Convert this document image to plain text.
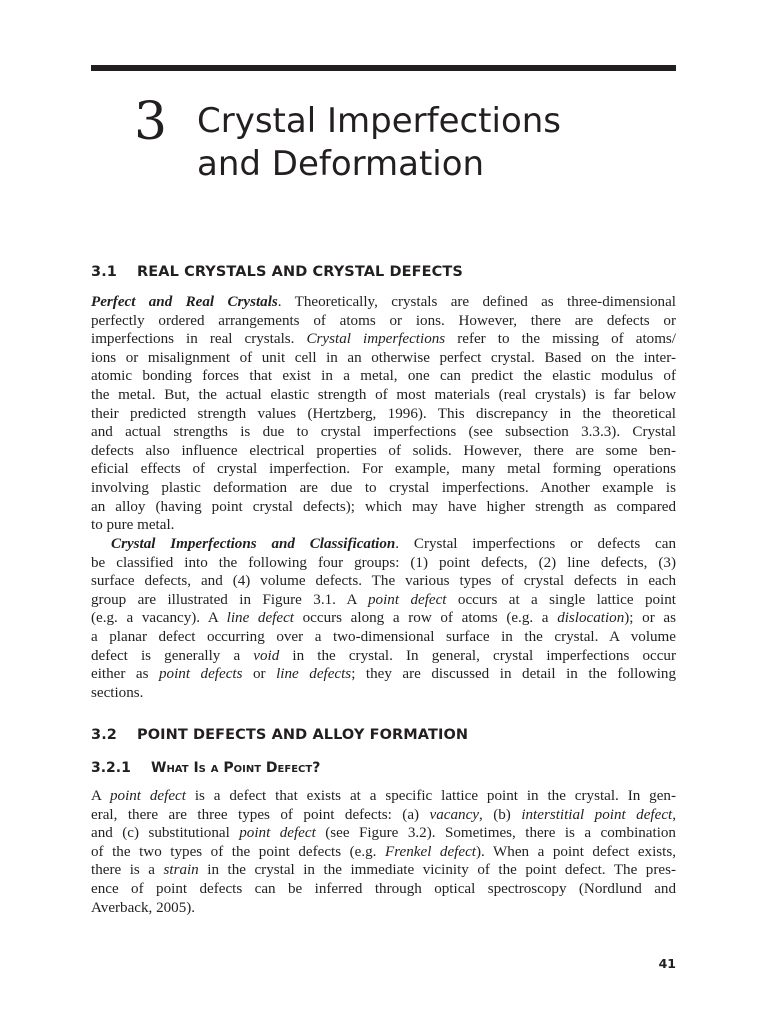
3 Crystal Imperfections
and Deformation
3.1 REAL CRYSTALS AND CRYSTAL DEFECTS
Perfect and Real Crystals. Theoretically, crystals are defined as three-dimensional
perfectly ordered arrangements of atoms or ions. However, there are defects or
imperfections in real crystals. Crystal imperfections refer to the missing of atoms/
ions or misalignment of unit cell in an otherwise perfect crystal. Based on the inter-
atomic bonding forces that exist in a metal, one can predict the elastic modulus of
the metal. But, the actual elastic strength of most materials (real crystals) is far below
their predicted strength values (Hertzberg, 1996). This discrepancy in the theoretical
and actual strengths is due to crystal imperfections (see subsection 3.3.3). Crystal
defects also influence electrical properties of solids. However, there are some ben-
eficial effects of crystal imperfection. For example, many metal forming operations
involving plastic deformation are due to crystal imperfections. Another example is
an alloy (having point crystal defects); which may have higher strength as compared
to pure metal.
Crystal Imperfections and Classification. Crystal imperfections or defects can
be classified into the following four groups: (1) point defects, (2) line defects, (3)
surface defects, and (4) volume defects. The various types of crystal defects in each
group are illustrated in Figure 3.1. A point defect occurs at a single lattice point
(e.g. a vacancy). A line defect occurs along a row of atoms (e.g. a dislocation); or as
a planar defect occurring over a two-dimensional surface in the crystal. A volume
defect is generally a void in the crystal. In general, crystal imperfections occur
either as point defects or line defects; they are discussed in detail in the following
sections.
3.2 POINT DEFECTS AND ALLOY FORMATION
3.2.1 What Is a Point Defect?
A point defect is a defect that exists at a specific lattice point in the crystal. In gen-
eral, there are three types of point defects: (a) vacancy, (b) interstitial point defect,
and (c) substitutional point defect (see Figure 3.2). Sometimes, there is a combination
of the two types of the point defects (e.g. Frenkel defect). When a point defect exists,
there is a strain in the crystal in the immediate vicinity of the point defect. The pres-
ence of point defects can be inferred through optical spectroscopy (Nordlund and
Averback, 2005).
41
